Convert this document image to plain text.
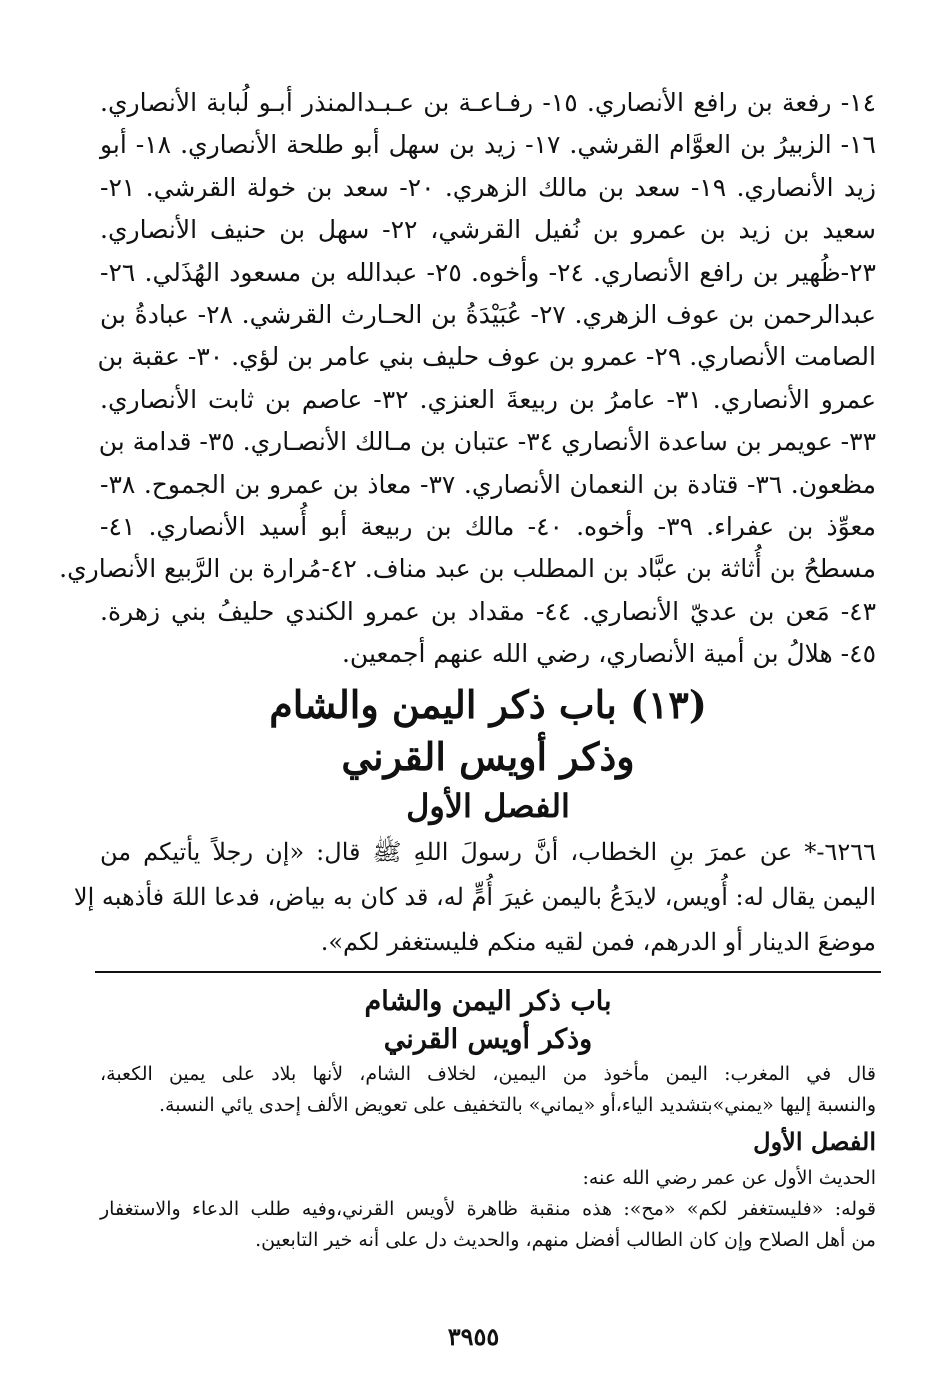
١٤- رفعة بن رافع الأنصاري. ١٥- رفـاعـة بن عـبـدالمنذر أبـو لُبابة الأنصاري.
١٦- الزبيرُ بن العوَّام القرشي. ١٧- زيد بن سهل أبو طلحة الأنصاري. ١٨- أبو
زيد الأنصاري. ١٩- سعد بن مالك الزهري. ٢٠- سعد بن خولة القرشي. ٢١-
سعيد بن زيد بن عمرو بن نُفيل القرشي، ٢٢- سهل بن حنيف الأنصاري.
٢٣-ظُهير بن رافع الأنصاري. ٢٤- وأخوه. ٢٥- عبدالله بن مسعود الهُذَلي. ٢٦-
عبدالرحمن بن عوف الزهري. ٢٧- عُبَيْدَةُ بن الحـارث القرشي. ٢٨- عبادةُ بن
الصامت الأنصاري. ٢٩- عمرو بن عوف حليف بني عامر بن لؤي. ٣٠- عقبة بن
عمرو الأنصاري. ٣١- عامرُ بن ربيعةَ العنزي. ٣٢- عاصم بن ثابت الأنصاري.
٣٣- عويمر بن ساعدة الأنصاري ٣٤- عتبان بن مـالك الأنصـاري. ٣٥- قدامة بن
مظعون. ٣٦- قتادة بن النعمان الأنصاري. ٣٧- معاذ بن عمرو بن الجموح. ٣٨-
معوِّذ بن عفراء. ٣٩- وأخوه. ٤٠- مالك بن ربيعة أبو أُسيد الأنصاري. ٤١-
مسطحُ بن أُثاثة بن عبَّاد بن المطلب بن عبد مناف. ٤٢-مُرارة بن الرَّبيع الأنصاري.
٤٣- مَعن بن عديّ الأنصاري. ٤٤- مقداد بن عمرو الكندي حليفُ بني زهرة.
٤٥- هلالُ بن أمية الأنصاري، رضي الله عنهم أجمعين.
(١٣) باب ذكر اليمن والشام
وذكر أويس القرني
الفصل الأول
٦٢٦٦-* عن عمرَ بنِ الخطاب، أنَّ رسولَ اللهِ ﷺ قال: «إن رجلاً يأتيكم من
اليمن يقال له: أُويس، لايدَعُ باليمن غيرَ أُمٍّ له، قد كان به بياض، فدعا اللهَ فأذهبه إلا
موضعَ الدينار أو الدرهم، فمن لقيه منكم فليستغفر لكم».
باب ذكر اليمن والشام
وذكر أويس القرني
قال في المغرب: اليمن مأخوذ من اليمين، لخلاف الشام، لأنها بلاد على يمين الكعبة،
والنسبة إليها «يمني»بتشديد الياء،أو «يماني» بالتخفيف على تعويض الألف إحدى يائي النسبة.
الفصل الأول
الحديث الأول عن عمر رضي الله عنه:
قوله: «فليستغفر لكم» «مح»: هذه منقبة ظاهرة لأويس القرني،وفيه طلب الدعاء والاستغفار
من أهل الصلاح وإن كان الطالب أفضل منهم، والحديث دل على أنه خير التابعين.
٣٩٥٥
